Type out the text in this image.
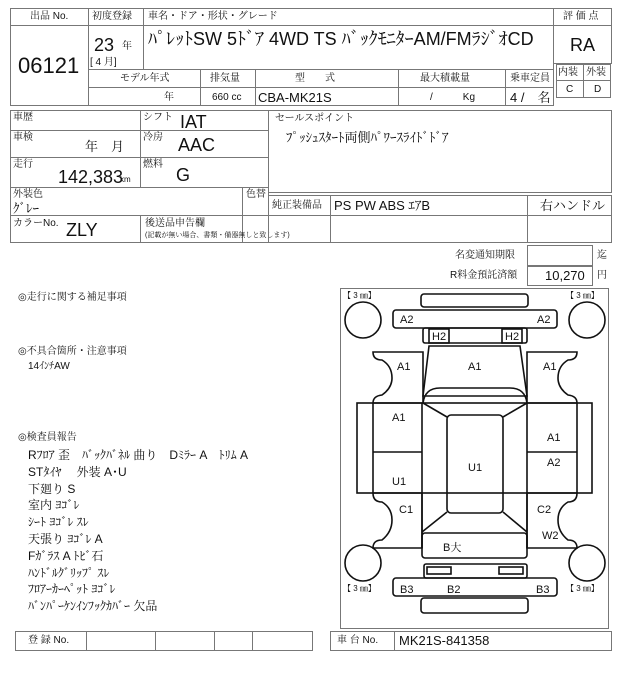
出品 No.
06121
初度登録 車名・ドア・形状・グレード
23 年
[ 4 月]
ﾊﾟﾚｯﾄSW 5ﾄﾞｱ 4WD TS ﾊﾞｯｸﾓﾆﾀｰAM/FMﾗｼﾞｵCD
モデル年式	排気量	型　　式	最大積載量	乗車定員
年	660 cc CBA-MK21S	/　　　Kg	4 /　名
評 価 点
RA
内装 外装
C D
車歴
車検
年　月
走行
142,383
km
シフト IAT
冷房 AAC
燃料
G
外装色
ｸﾞﾚｰ
色替
カラーNo. ZLY	後送品申告欄
(記載が無い場合、書類・備器無しと致します)
セールスポイント
ﾌﾟｯｼｭｽﾀｰﾄ両側ﾊﾟﾜｰｽﾗｲﾄﾞﾄﾞｱ
純正装備品 PS PW ABS ｴｱB	右ハンドル
名変通知期限	迄
R料金預託済額 10,270 円
◎走行に関する補足事項
◎不具合箇所・注意事項
14ｲﾝﾁAW
◎検査員報告
Rﾌﾛｱ 歪　ﾊﾞｯｸﾊﾞﾈﾙ 曲り　Dﾐﾗｰ A　ﾄﾘﾑ A
STﾀｲﾔ　 外装 A･U
下廻り S
室内 ﾖｺﾞﾚ
ｼｰﾄ ﾖｺﾞﾚ ｽﾚ
天張り ﾖｺﾞﾚ A
Fｶﾞﾗｽ A ﾄﾋﾞ石
ﾊﾝﾄﾞﾙｸﾞﾘｯﾌﾟ ｽﾚ
ﾌﾛｱｰｶｰﾍﾟｯﾄ ﾖｺﾞﾚ
ﾊﾞﾝﾊﾟｰｹﾝｲﾝﾌｯｸｶﾊﾞｰ 欠品
【 3 ㎜】	【 3 ㎜】
【 3 ㎜】	【 3 ㎜】
A2	A2
H2	H2
A1	A1	A1
A1
A1
A2
U1
U1
C1	C2
W2
B大
B3	B2	B3
登 録 No.	車 台 No. MK21S-841358
